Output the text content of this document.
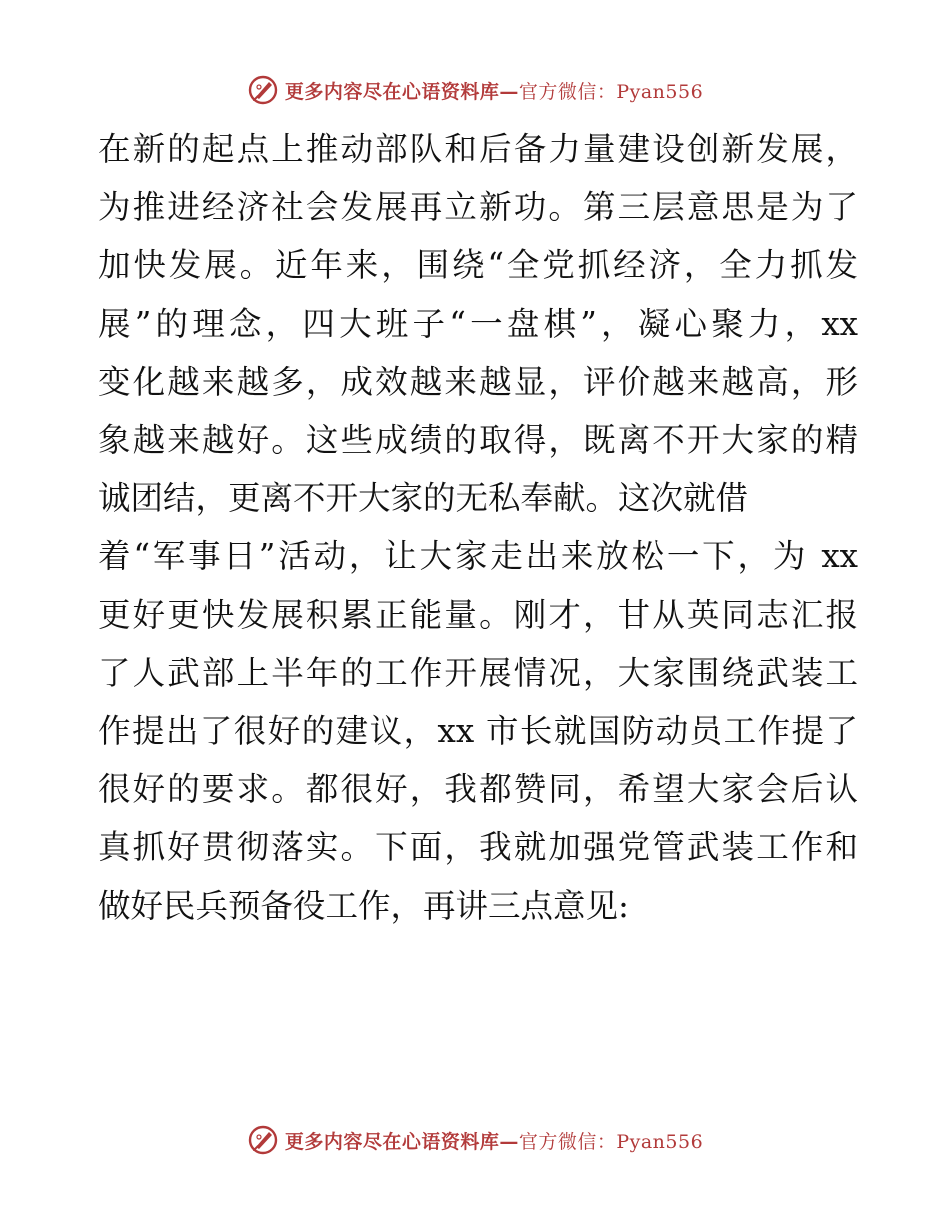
更多内容尽在心语资料库—官方微信：Pyan556
在新的起点上推动部队和后备力量建设创新发展，
为推进经济社会发展再立新功。第三层意思是为了
加快发展。近年来，围绕“全党抓经济，全力抓发
展”的理念，四大班子“一盘棋”，凝心聚力，xx
变化越来越多，成效越来越显，评价越来越高，形
象越来越好。这些成绩的取得，既离不开大家的精
诚团结，更离不开大家的无私奉献。这次就借
着“军事日”活动，让大家走出来放松一下，为 xx
更好更快发展积累正能量。刚才，甘从英同志汇报
了人武部上半年的工作开展情况，大家围绕武装工
作提出了很好的建议，xx 市长就国防动员工作提了
很好的要求。都很好，我都赞同，希望大家会后认
真抓好贯彻落实。下面，我就加强党管武装工作和
做好民兵预备役工作，再讲三点意见:
更多内容尽在心语资料库—官方微信：Pyan556
